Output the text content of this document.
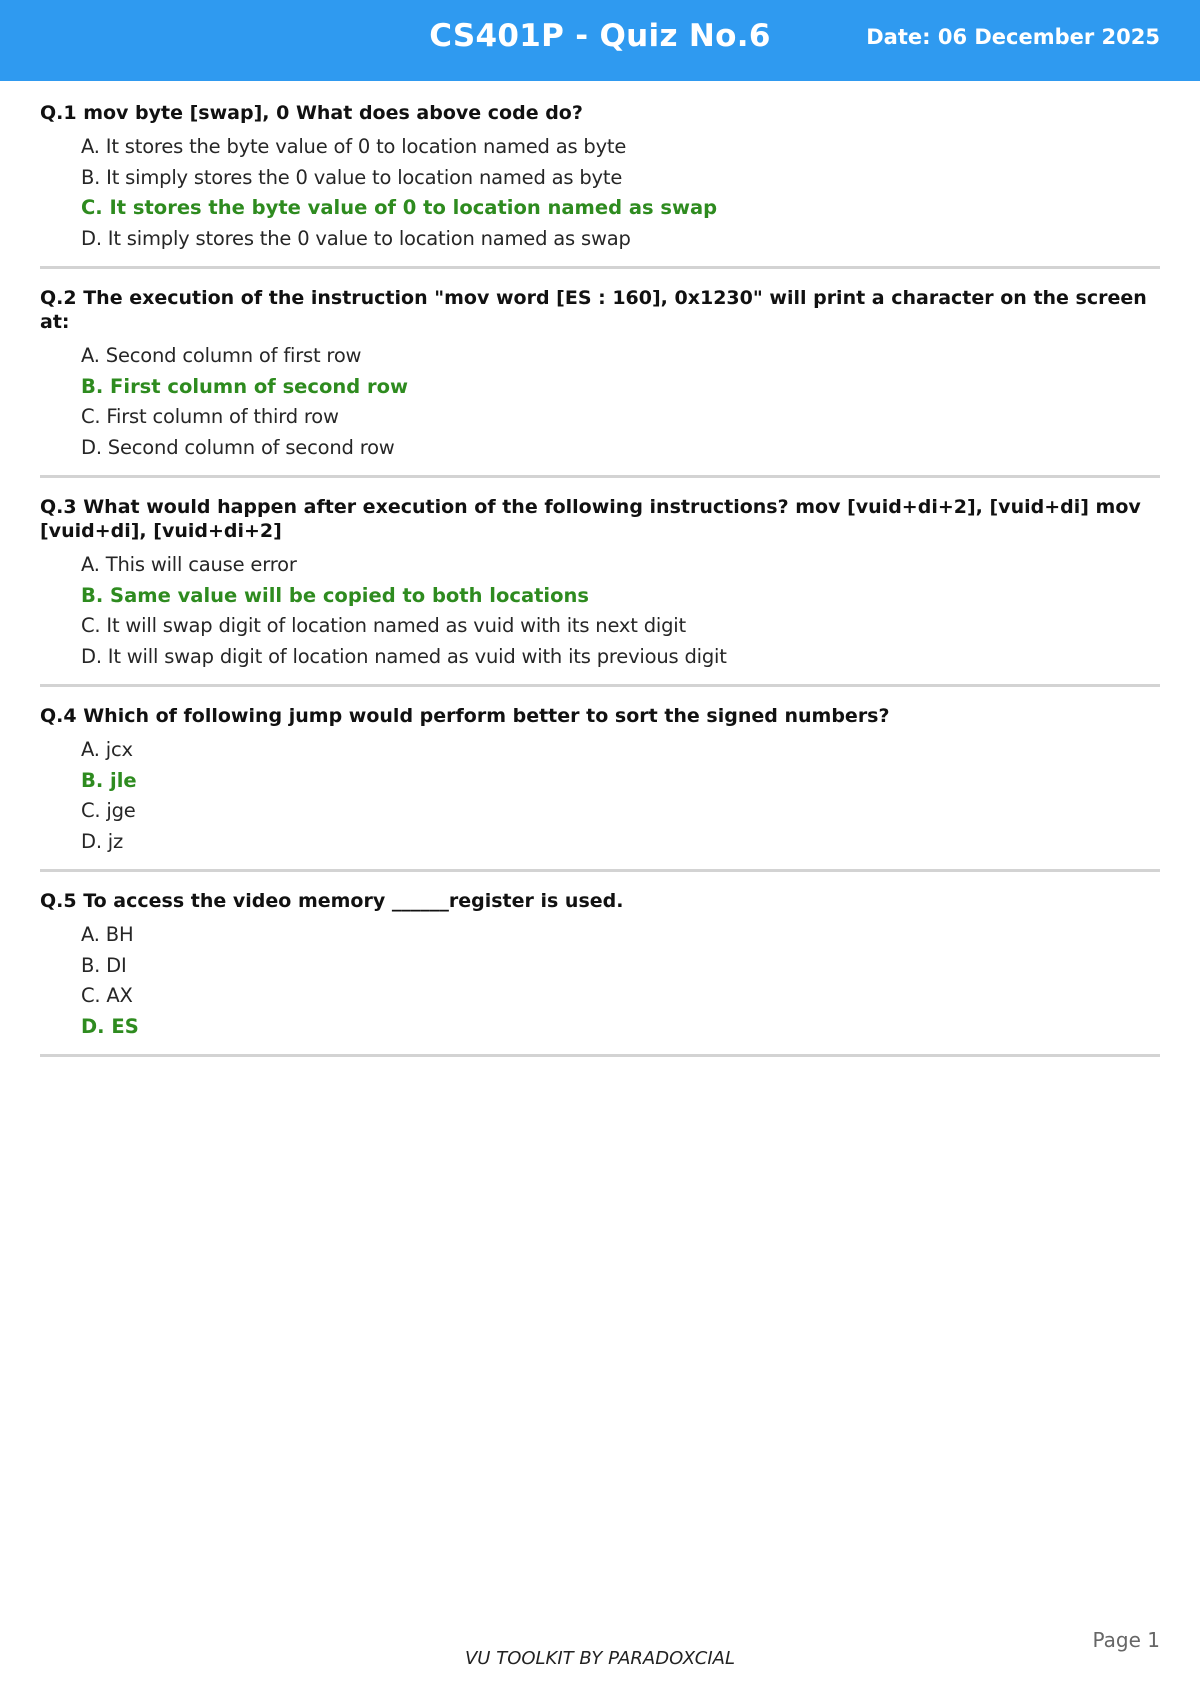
CS401P - Quiz No.6	Date: 06 December 2025
Q.1 mov byte [swap], 0 What does above code do?
A. It stores the byte value of 0 to location named as byte
B. It simply stores the 0 value to location named as byte
C. It stores the byte value of 0 to location named as swap
D. It simply stores the 0 value to location named as swap
Q.2 The execution of the instruction "mov word [ES : 160], 0x1230" will print a character on the screen at:
A. Second column of first row
B. First column of second row
C. First column of third row
D. Second column of second row
Q.3 What would happen after execution of the following instructions? mov [vuid+di+2], [vuid+di] mov [vuid+di], [vuid+di+2]
A. This will cause error
B. Same value will be copied to both locations
C. It will swap digit of location named as vuid with its next digit
D. It will swap digit of location named as vuid with its previous digit
Q.4 Which of following jump would perform better to sort the signed numbers?
A. jcx
B. jle
C. jge
D. jz
Q.5 To access the video memory ______register is used.
A. BH
B. DI
C. AX
D. ES
Page 1
VU TOOLKIT BY PARADOXCIAL
